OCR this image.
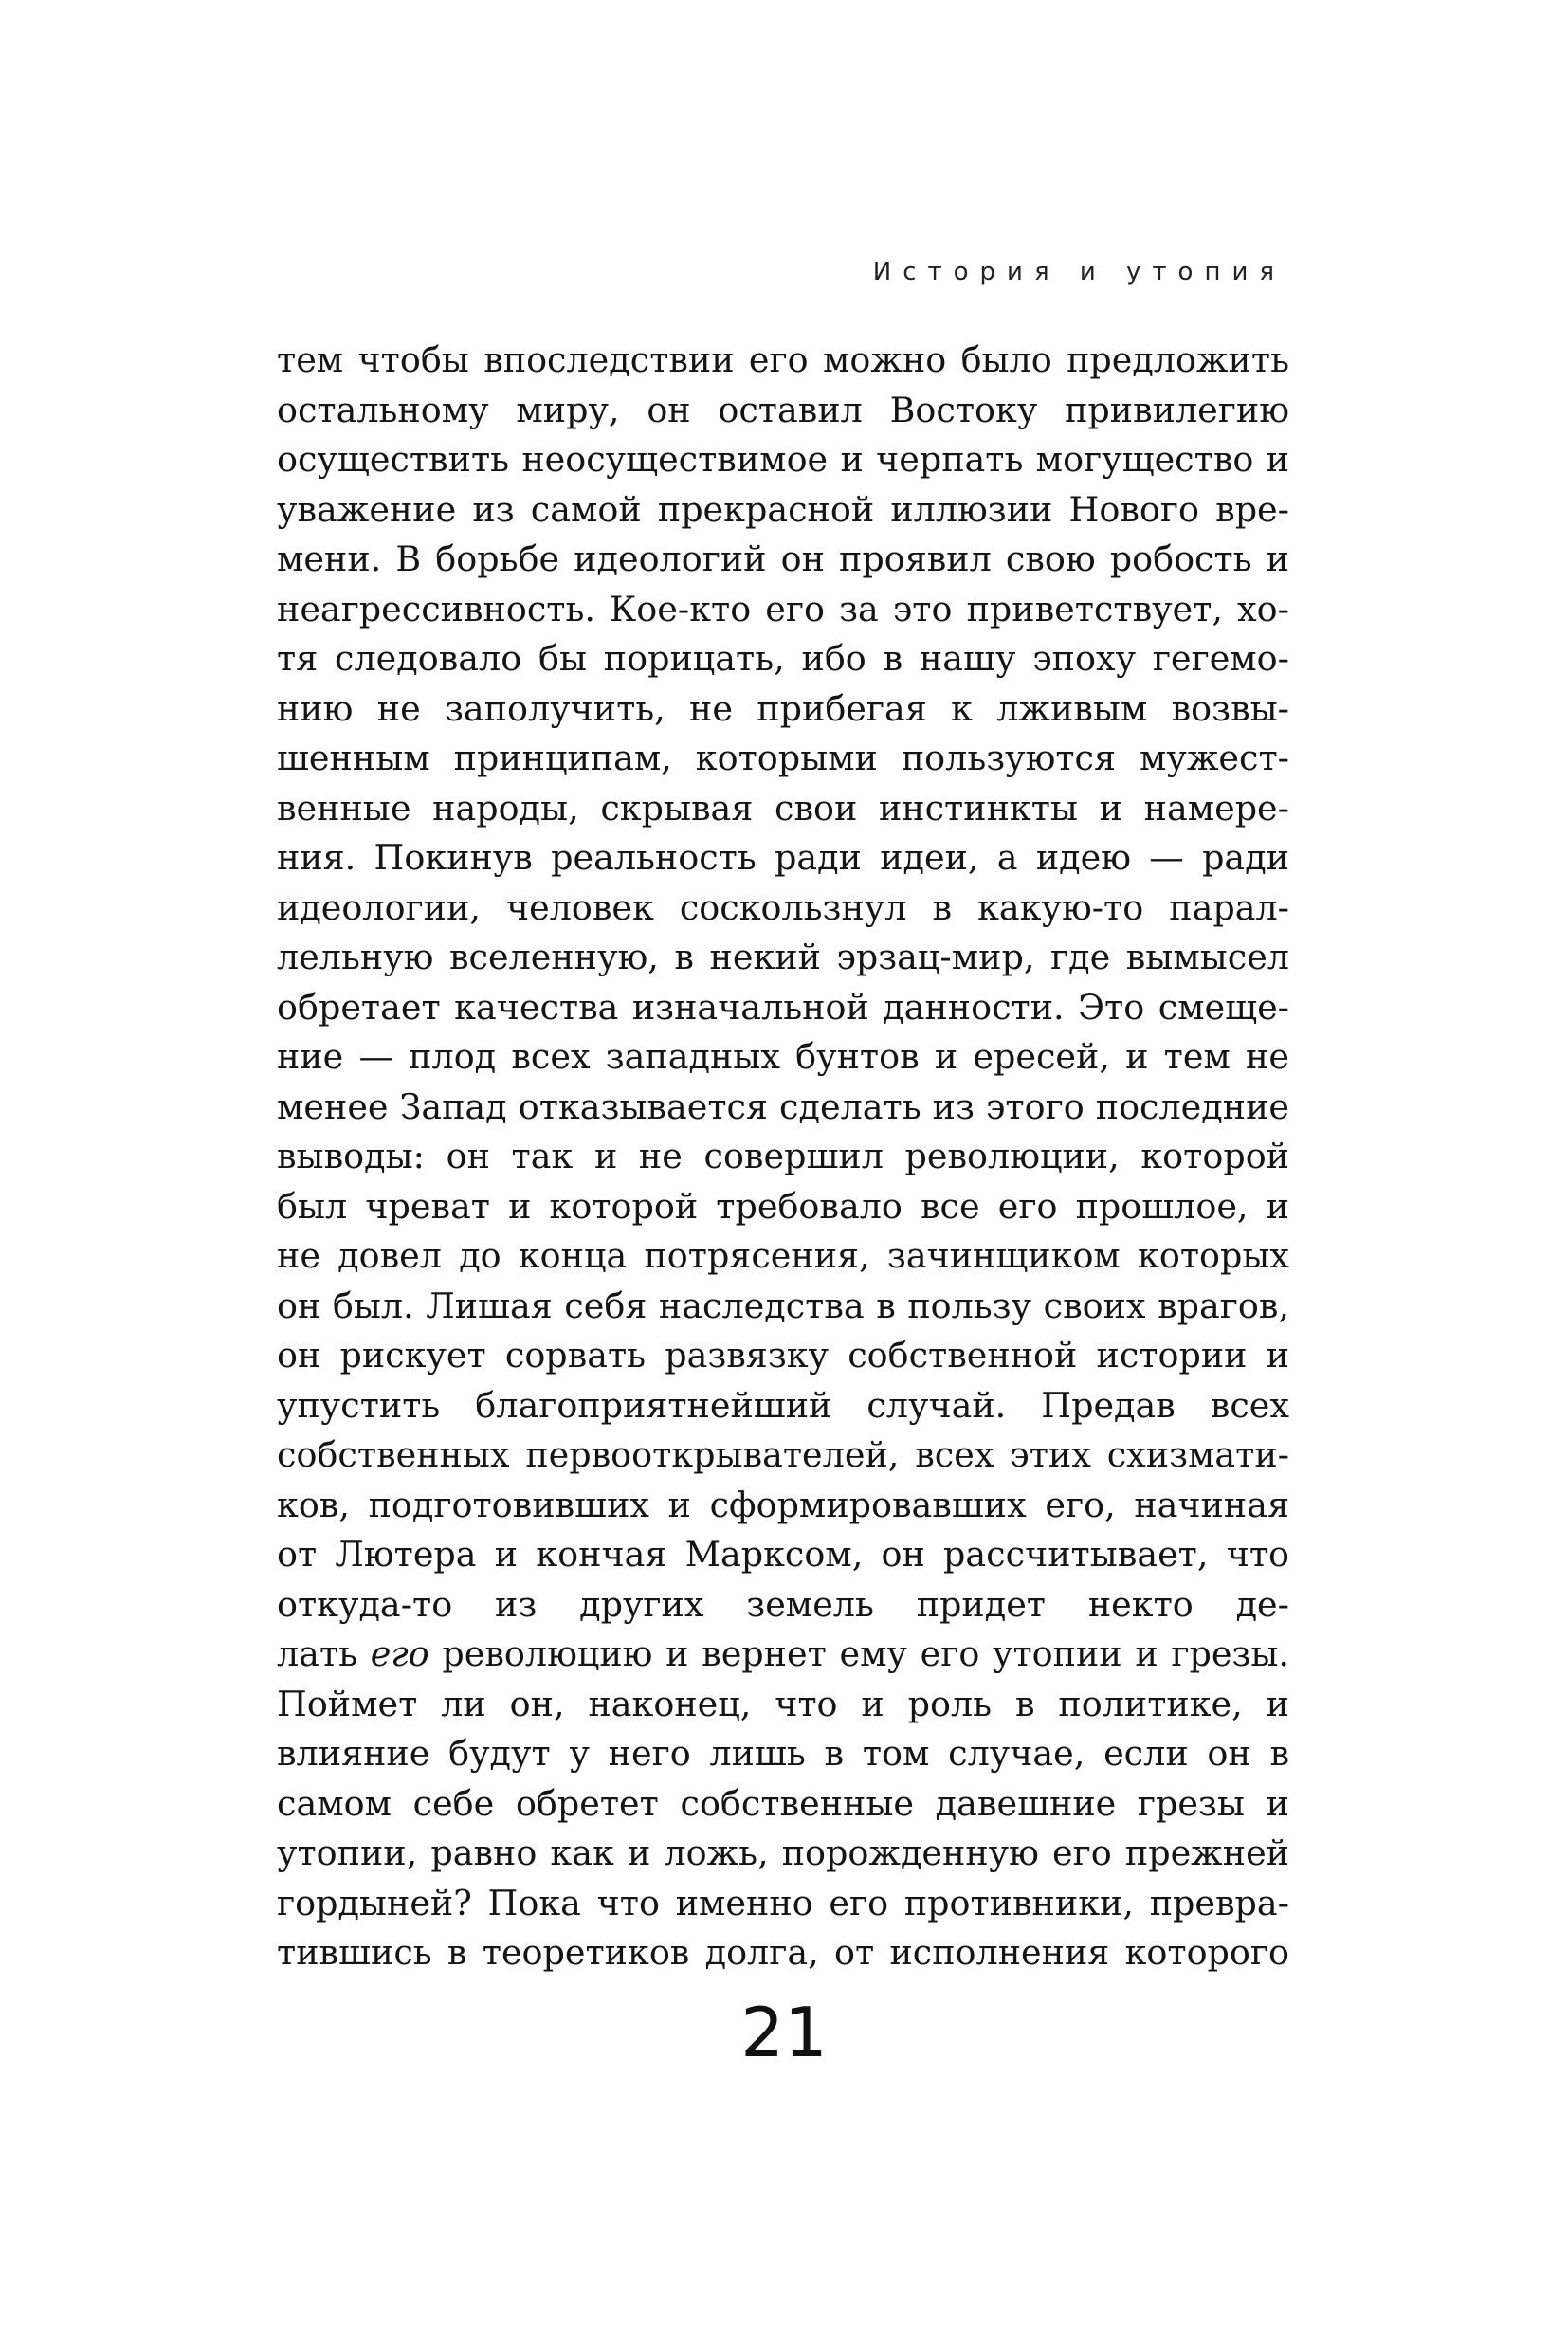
История и утопия
тем чтобы впоследствии его можно было предложить
остальному миру, он оставил Востоку привилегию
осуществить неосуществимое и черпать могущество и
уважение из самой прекрасной иллюзии Нового вре-
мени. В борьбе идеологий он проявил свою робость и
неагрессивность. Кое-кто его за это приветствует, хо-
тя следовало бы порицать, ибо в нашу эпоху гегемо-
нию не заполучить, не прибегая к лживым возвы-
шенным принципам, которыми пользуются мужест-
венные народы, скрывая свои инстинкты и намере-
ния. Покинув реальность ради идеи, а идею — ради
идеологии, человек соскользнул в какую-то парал-
лельную вселенную, в некий эрзац-мир, где вымысел
обретает качества изначальной данности. Это смеще-
ние — плод всех западных бунтов и ересей, и тем не
менее Запад отказывается сделать из этого последние
выводы: он так и не совершил революции, которой
был чреват и которой требовало все его прошлое, и
не довел до конца потрясения, зачинщиком которых
он был. Лишая себя наследства в пользу своих врагов,
он рискует сорвать развязку собственной истории и
упустить благоприятнейший случай. Предав всех
собственных первооткрывателей, всех этих схизмати-
ков, подготовивших и сформировавших его, начиная
от Лютера и кончая Марксом, он рассчитывает, что
откуда-то из других земель придет некто де-
лать его революцию и вернет ему его утопии и грезы.
Поймет ли он, наконец, что и роль в политике, и
влияние будут у него лишь в том случае, если он в
самом себе обретет собственные давешние грезы и
утопии, равно как и ложь, порожденную его прежней
гордыней? Пока что именно его противники, превра-
тившись в теоретиков долга, от исполнения которого
21
